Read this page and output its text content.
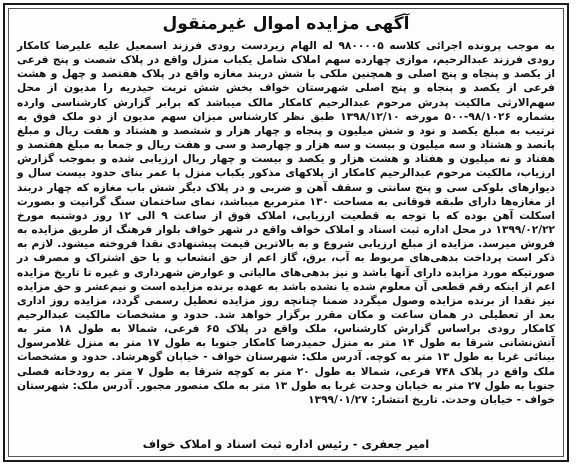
آگهی مزایده اموال غیرمنقول
به موجب پرونده اجرائی کلاسه ۹۸۰۰۰۰۵ له الهام زیردست رودی فرزند اسمعیل علیه علیرضا کامکار رودی فرزند عبدالرحیم، موازی چهارده سهم املاک شامل یکباب منزل واقع در پلاک شصت و پنج فرعی از یکصد و پنجاه و پنج اصلی و همچنین ملکی با شش دربند مغازه واقع در پلاک هفتصد و چهل و هشت فرعی از یکصد و پنجاه و پنج اصلی شهرستان خواف بخش شش تربت حیدریه را مدیون از محل سهم‌الارثی مالکیت پدرش مرحوم عبدالرحیم کامکار مالک میباشد که برابر گزارش کارشناسی وارده بشماره ۹۸/۱۰۲۶-۵۰۰ مورخه ۱۳۹۸/۱۲/۱۰ طبق نظر کارشناس میزان سهم مدیون از دو ملک فوق به ترتیب به مبلغ یکصد و نود و شش میلیون و پنجاه و چهار هزار و ششصد و هشتاد و هفت ریال و مبلغ پانصد و هشتاد و سه میلیون و بیست و سه هزار و چهارصد و سی و هفت ریال و جمعا به مبلغ هفتصد و هفتاد و نه میلیون و هفتاد و هشت هزار و یکصد و بیست و چهار ریال ارزیابی شده و بموجب گزارش ارزیاب، مالکیت مرحوم عبدالرحیم کامکار از پلاکهای مذکور یکباب منزل با عمر بنای حدود بیست سال و دیوارهای بلوکی سی و پنج سانتی و سقف آهن و ضربی و در پلاک دیگر شش باب مغازه که چهار دربند از مغازه‌ها دارای طبقه فوقانی به مساحت ۱۳۰ مترمربع میباشد، نمای ساختمان سنگ گرانیت و بصورت اسکلت آهن بوده که با توجه به قطعیت ارزیابی، املاک فوق از ساعت ۹ الی ۱۲ روز دوشنبه مورخ ۱۳۹۹/۰۲/۲۲ در محل اداره ثبت اسناد و املاک خواف واقع در شهر خواف بلوار فرهنگ از طریق مزایده به فروش میرسد. مزایده از مبلغ ارزیابی شروع و به بالاترین قیمت پیشنهادی نقدا فروخته میشود. لازم به ذکر است پرداخت بدهی‌های مربوط به آب، برق، گاز اعم از حق انشعاب و یا حق اشتراک و مصرف در صورتیکه مورد مزایده دارای آنها باشد و نیز بدهی‌های مالیاتی و عوارض شهرداری و غیره تا تاریخ مزایده اعم از اینکه رقم قطعی آن معلوم شده یا نشده باشد به عهده برنده مزایده است و نیم‌عشر و حق مزایده نیز نقدا از برنده مزایده وصول میگردد ضمنا چنانچه روز مزایده تعطیل رسمی گردد، مزایده روز اداری بعد از تعطیلی در همان ساعت و مکان مقرر برگزار خواهد شد. حدود و مشخصات مالکیت عبدالرحیم کامکار رودی براساس گزارش کارشناس، ملک واقع در پلاک ۶۵ فرعی، شمالا به طول ۱۸ متر به آتش‌نشانی شرقا به طول ۱۴ متر به منزل حمیدرضا کامکار جنوبا به طول ۱۷ متر به منزل غلامرسول بینائی غربا به طول ۱۳ متر به کوچه. آدرس ملک: شهرستان خواف - خیابان گوهرشاد. حدود و مشخصات ملک واقع در پلاک ۷۴۸ فرعی، شمالا به طول ۲۰ متر به کوچه شرقا به طول ۷ متر به رودخانه فصلی جنوبا به طول ۲۷ متر به خیابان وحدت غربا به طول ۱۳ متر به ملک منصور مجبور. آدرس ملک: شهرستان خواف - خیابان وحدت. تاریخ انتشار: ۱۳۹۹/۰۱/۲۷
امیر جعفری - رئیس اداره ثبت اسناد و املاک خواف
